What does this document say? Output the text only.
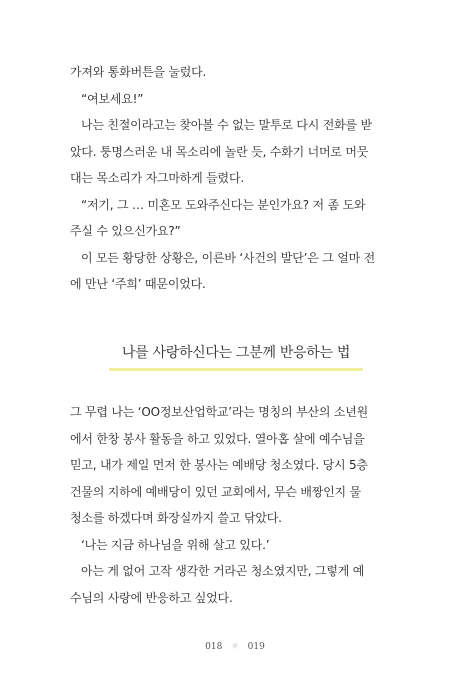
가져와 통화버튼을 눌렀다.

“여보세요!”

나는 친절이라고는 찾아볼 수 없는 말투로 다시 전화를 받

았다. 퉁명스러운 내 목소리에 놀란 듯, 수화기 너머로 머뭇

대는 목소리가 자그마하게 들렸다.

“저기, 그 … 미혼모 도와주신다는 분인가요? 저 좀 도와

주실 수 있으신가요?”

이 모든 황당한 상황은, 이른바 ‘사건의 발단’은 그 얼마 전

에 만난 ‘주희’ 때문이었다.

나를 사랑하신다는 그분께 반응하는 법

그 무렵 나는 ‘OO정보산업학교’라는 명칭의 부산의 소년원

에서 한창 봉사 활동을 하고 있었다. 열아홉 살에 예수님을

믿고, 내가 제일 먼저 한 봉사는 예배당 청소였다. 당시 5층

건물의 지하에 예배당이 있던 교회에서, 무슨 배짱인지 물

청소를 하겠다며 화장실까지 쓸고 닦았다.

‘나는 지금 하나님을 위해 살고 있다.’

아는 게 없어 고작 생각한 거라곤 청소였지만, 그렇게 예

수님의 사랑에 반응하고 싶었다.

018 ✳ 019
